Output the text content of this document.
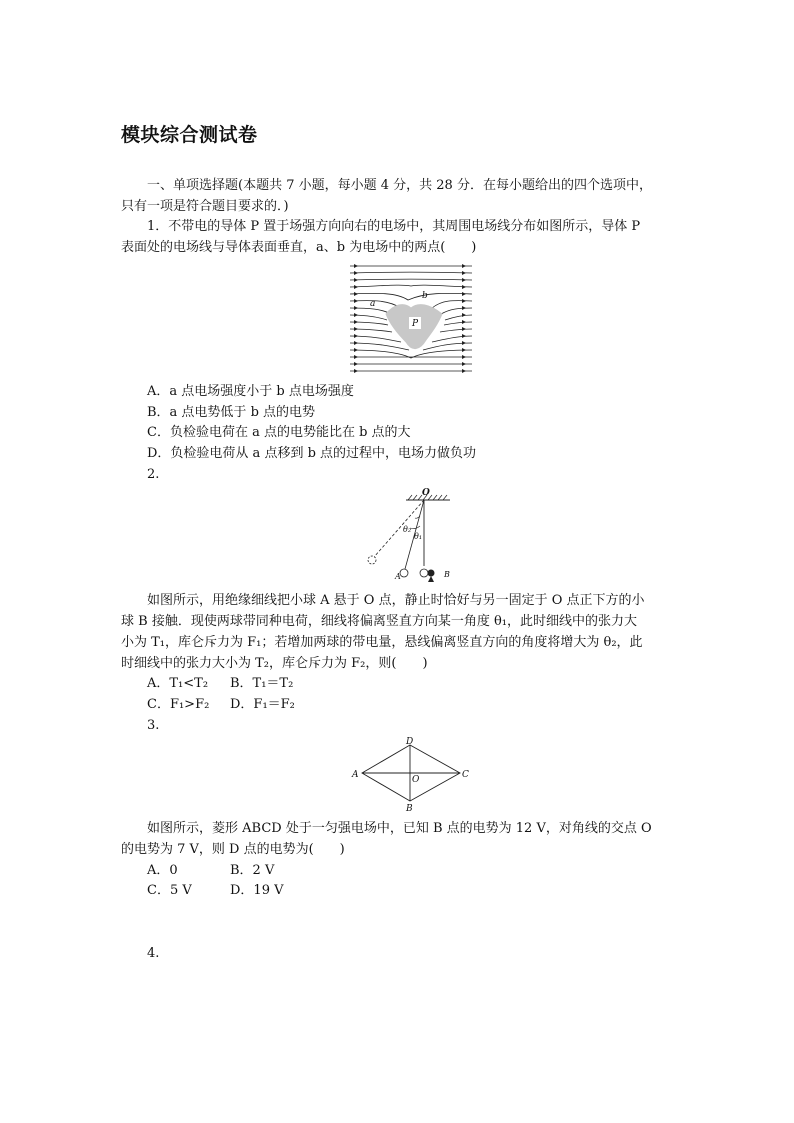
模块综合测试卷
一、单项选择题(本题共 7 小题，每小题 4 分，共 28 分．在每小题给出的四个选项中，
只有一项是符合题目要求的．)
1．不带电的导体 P 置于场强方向向右的电场中，其周围电场线分布如图所示，导体 P
表面处的电场线与导体表面垂直，a、b 为电场中的两点(　　)
P
a
b
A．a 点电场强度小于 b 点电场强度
B．a 点电势低于 b 点的电势
C．负检验电荷在 a 点的电势能比在 b 点的大
D．负检验电荷从 a 点移到 b 点的过程中，电场力做负功
2.
O
θ₂
θ₁
A	B
如图所示，用绝缘细线把小球 A 悬于 O 点，静止时恰好与另一固定于 O 点正下方的小
球 B 接触．现使两球带同种电荷，细线将偏离竖直方向某一角度 θ₁，此时细线中的张力大
小为 T₁，库仑斥力为 F₁；若增加两球的带电量，悬线偏离竖直方向的角度将增大为 θ₂，此
时细线中的张力大小为 T₂，库仑斥力为 F₂，则(　　)
A．T₁<T₂ B．T₁＝T₂
C．F₁>F₂ D．F₁＝F₂
3.
A	C
D
B
O
如图所示，菱形 ABCD 处于一匀强电场中，已知 B 点的电势为 12 V，对角线的交点 O
的电势为 7 V，则 D 点的电势为(　　)
A．0	B．2 V
C．5 V	D．19 V
4.
